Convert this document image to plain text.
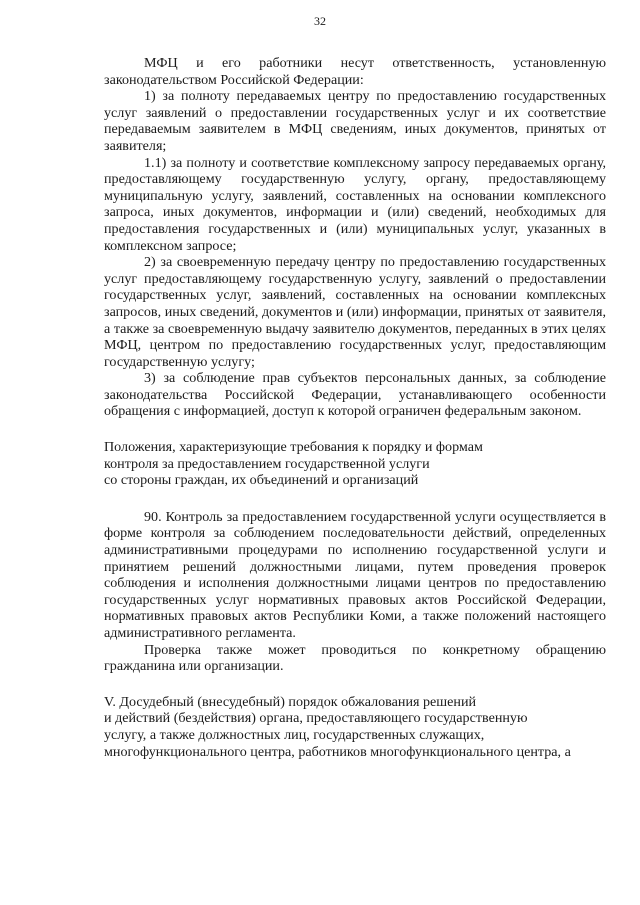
32

МФЦ и его работники несут ответственность, установленную законодательством Российской Федерации:

1) за полноту передаваемых центру по предоставлению государственных услуг заявлений о предоставлении государственных услуг и их соответствие передаваемым заявителем в МФЦ сведениям, иных документов, принятых от заявителя;

1.1) за полноту и соответствие комплексному запросу передаваемых органу, предоставляющему государственную услугу, органу, предоставляющему муниципальную услугу, заявлений, составленных на основании комплексного запроса, иных документов, информации и (или) сведений, необходимых для предоставления государственных и (или) муниципальных услуг, указанных в комплексном запросе;

2) за своевременную передачу центру по предоставлению государственных услуг предоставляющему государственную услугу, заявлений о предоставлении государственных услуг, заявлений, составленных на основании комплексных запросов, иных сведений, документов и (или) информации, принятых от заявителя, а также за своевременную выдачу заявителю документов, переданных в этих целях МФЦ, центром по предоставлению государственных услуг, предоставляющим государственную услугу;

3) за соблюдение прав субъектов персональных данных, за соблюдение законодательства Российской Федерации, устанавливающего особенности обращения с информацией, доступ к которой ограничен федеральным законом.

Положения, характеризующие требования к порядку и формам
контроля за предоставлением государственной услуги
со стороны граждан, их объединений и организаций

90. Контроль за предоставлением государственной услуги осуществляется в форме контроля за соблюдением последовательности действий, определенных административными процедурами по исполнению государственной услуги и принятием решений должностными лицами, путем проведения проверок соблюдения и исполнения должностными лицами центров по предоставлению государственных услуг нормативных правовых актов Российской Федерации, нормативных правовых актов Республики Коми, а также положений настоящего административного регламента.

Проверка также может проводиться по конкретному обращению гражданина или организации.

V. Досудебный (внесудебный) порядок обжалования решений
и действий (бездействия) органа, предоставляющего государственную
услугу, а также должностных лиц, государственных служащих,
многофункционального центра, работников многофункционального центра, а
